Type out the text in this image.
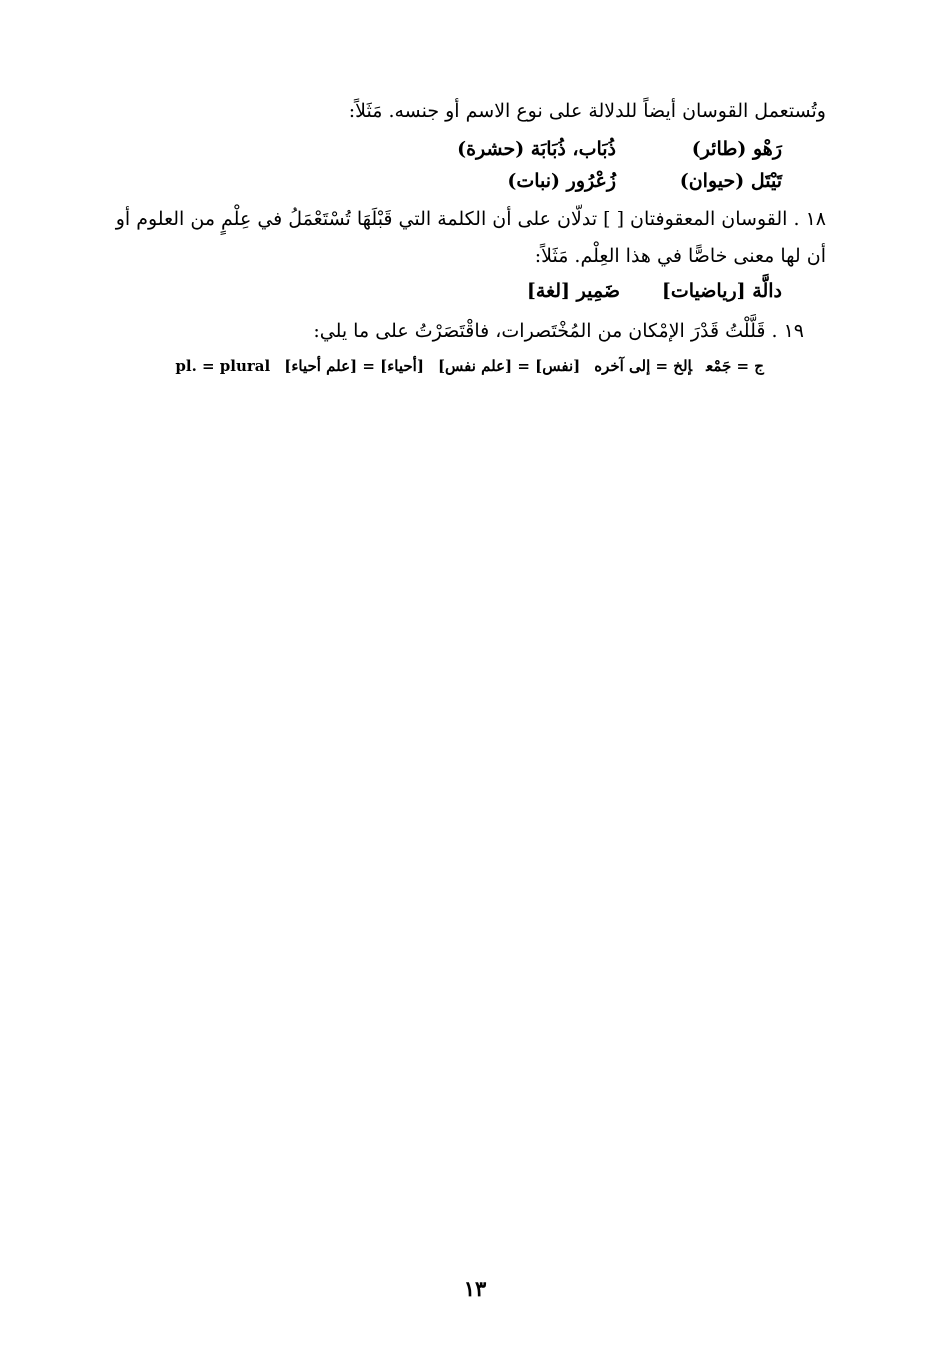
وتُستعمل القوسان أيضاً للدلالة على نوع الاسم أو جنسه. مَثَلاً:
رَهْو (طائر)
ذُبَاب، ذُبَابَة (حشرة)
تَيْتَل (حيوان)
زُعْرُور (نبات)
١٨ . القوسان المعقوفتان [ ] تدلّان على أن الكلمة التي قَبْلَهَا تُسْتَعْمَلُ في عِلْمٍ من العلوم أو
أن لها معنى خاصًّا في هذا العِلْم. مَثَلاً:
دالَّة [رياضيات]
ضَمِير [لغة]
١٩ . قَلَّلْتُ قَدْرَ الإمْكان من المُخْتَصرات، فاقْتَصَرْتُ على ما يلي:
ج = جَمْعإلخ = إلى آخره[نفس] = [علم نفس][أحياء] = [علم أحياء]pl. = plural
١٣
